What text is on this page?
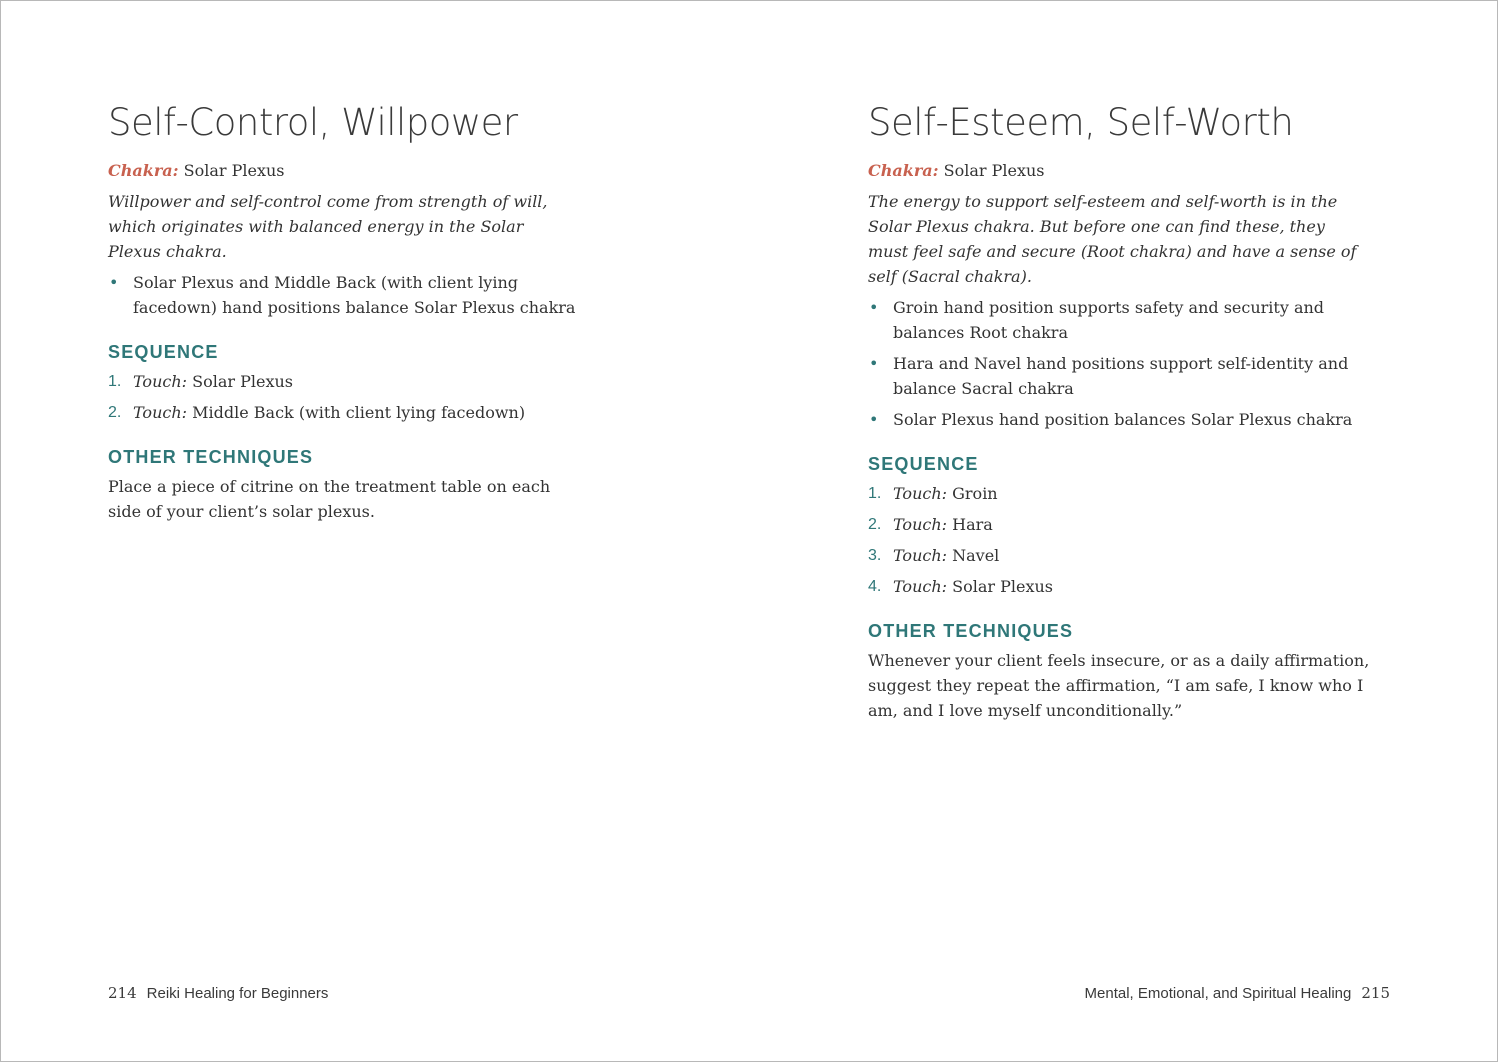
Self-Control, Willpower

Chakra: Solar Plexus

Willpower and self-control come from strength of will, which originates with balanced energy in the Solar Plexus chakra.

• Solar Plexus and Middle Back (with client lying facedown) hand positions balance Solar Plexus chakra
SEQUENCE
1. Touch: Solar Plexus
2. Touch: Middle Back (with client lying facedown)
OTHER TECHNIQUES

Place a piece of citrine on the treatment table on each side of your client’s solar plexus.

Self-Esteem, Self-Worth

Chakra: Solar Plexus

The energy to support self-esteem and self-worth is in the Solar Plexus chakra. But before one can find these, they must feel safe and secure (Root chakra) and have a sense of self (Sacral chakra).

• Groin hand position supports safety and security and balances Root chakra
• Hara and Navel hand positions support self-identity and balance Sacral chakra
• Solar Plexus hand position balances Solar Plexus chakra
SEQUENCE
1. Touch: Groin
2. Touch: Hara
3. Touch: Navel
4. Touch: Solar Plexus
OTHER TECHNIQUES

Whenever your client feels insecure, or as a daily affirmation, suggest they repeat the affirmation, “I am safe, I know who I am, and I love myself unconditionally.”

214 Reiki Healing for Beginners	Mental, Emotional, and Spiritual Healing 215
